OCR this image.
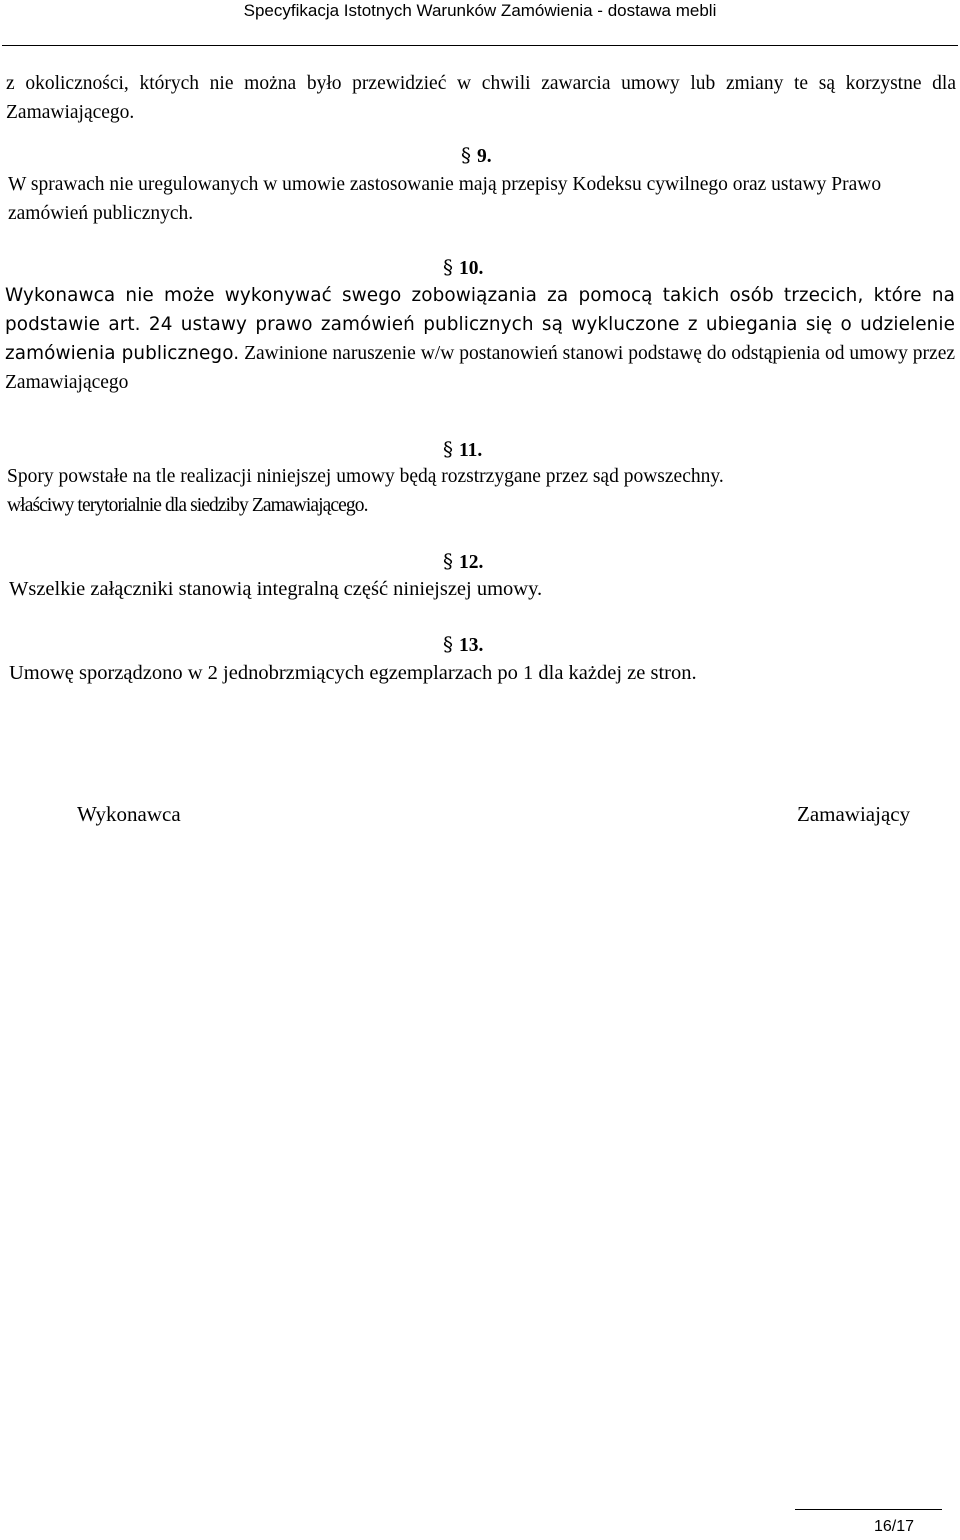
Specyfikacja Istotnych Warunków Zamówienia - dostawa mebli

z okoliczności, których nie można było przewidzieć w chwili zawarcia umowy lub zmiany te są korzystne dla Zamawiającego.

§ 9.

W sprawach nie uregulowanych w umowie zastosowanie mają przepisy Kodeksu cywilnego oraz ustawy Prawo zamówień publicznych.

§ 10.
Wykonawca nie może wykonywać swego zobowiązania za pomocą takich osób trzecich, które na podstawie art. 24 ustawy prawo zamówień publicznych są wykluczone z ubiegania się o udzielenie zamówienia publicznego. Zawinione naruszenie w/w postanowień stanowi podstawę do odstąpienia od umowy przez Zamawiającego
§ 11.

Spory powstałe na tle realizacji niniejszej umowy będą rozstrzygane przez sąd powszechny.

właściwy terytorialnie dla siedziby Zamawiającego.

§ 12.

Wszelkie załączniki stanowią integralną część niniejszej umowy.

§ 13.

Umowę sporządzono w 2 jednobrzmiących egzemplarzach po 1 dla każdej ze stron.

Wykonawca	Zamawiający
16/17
